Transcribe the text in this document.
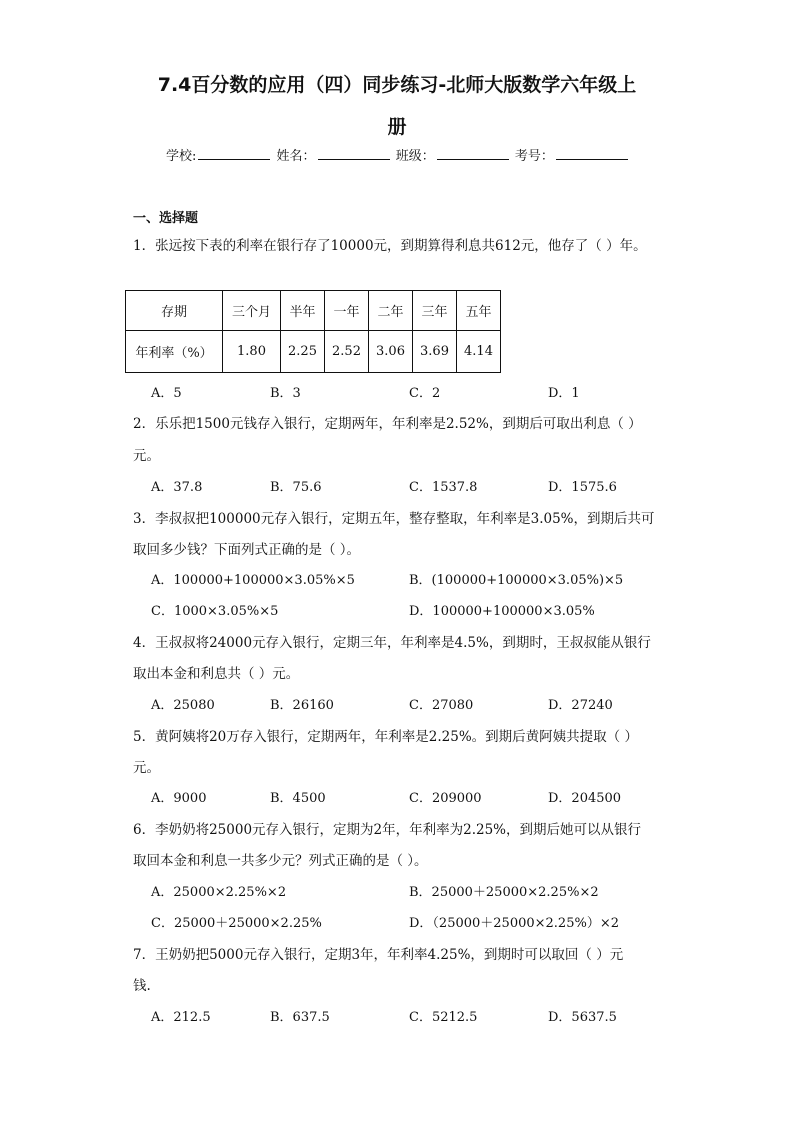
7.4百分数的应用（四）同步练习-北师大版数学六年级上
册
学校:	姓名：	班级：	考号：
一、选择题
1．张远按下表的利率在银行存了10000元，到期算得利息共612元，他存了（ ）年。
存期	三个月	半年	一年	二年	三年	五年
年利率（%）	1.80	2.25	2.52	3.06	3.69	4.14
A．5	B．3	C．2	D．1
2．乐乐把1500元钱存入银行，定期两年，年利率是2.52%，到期后可取出利息（ ）
元。
A．37.8	B．75.6	C．1537.8	D．1575.6
3．李叔叔把100000元存入银行，定期五年，整存整取，年利率是3.05%，到期后共可
取回多少钱？下面列式正确的是（ ）。
A．100000+100000×3.05%×5	B．(100000+100000×3.05%)×5
C．1000×3.05%×5	D．100000+100000×3.05%
4．王叔叔将24000元存入银行，定期三年，年利率是4.5%，到期时，王叔叔能从银行
取出本金和利息共（ ）元。
A．25080	B．26160	C．27080	D．27240
5．黄阿姨将20万存入银行，定期两年，年利率是2.25%。到期后黄阿姨共提取（ ）
元。
A．9000	B．4500	C．209000	D．204500
6．李奶奶将25000元存入银行，定期为2年，年利率为2.25%，到期后她可以从银行
取回本金和利息一共多少元？列式正确的是（ ）。
A．25000×2.25%×2	B．25000＋25000×2.25%×2
C．25000＋25000×2.25%	D．（25000＋25000×2.25%）×2
7．王奶奶把5000元存入银行，定期3年，年利率4.25%，到期时可以取回（ ）元
钱.
A．212.5	B．637.5	C．5212.5	D．5637.5
